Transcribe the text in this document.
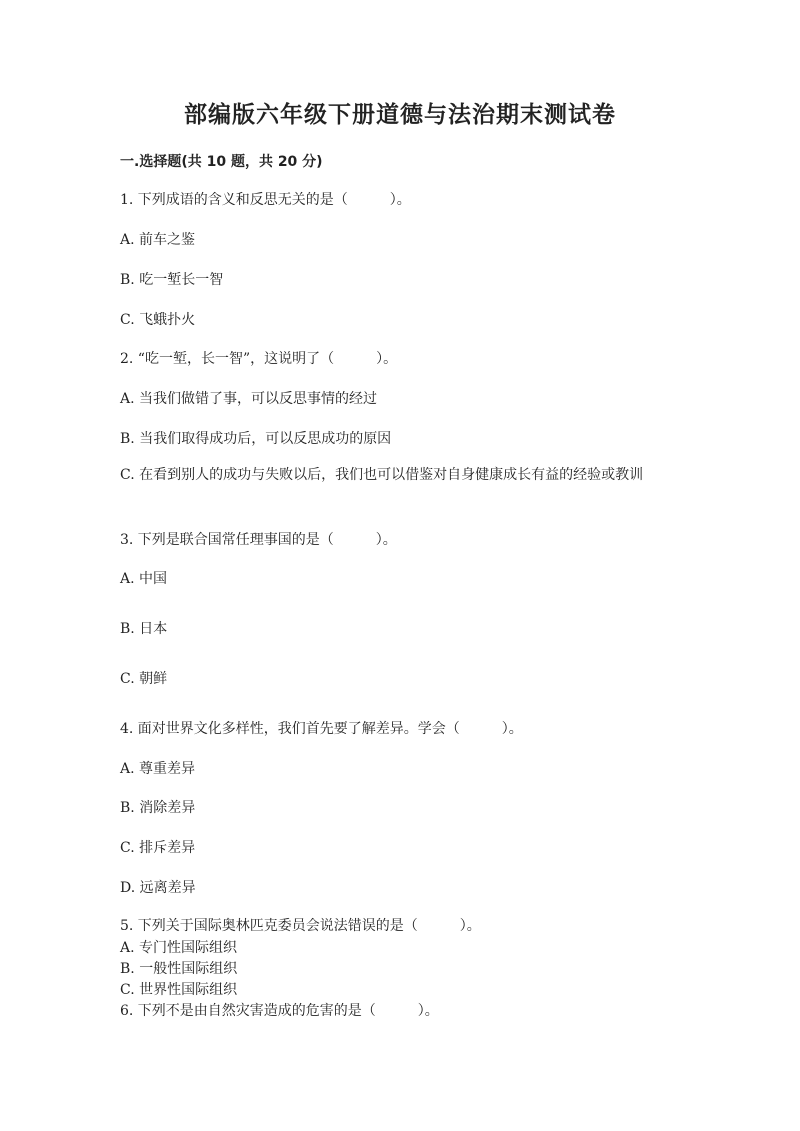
部编版六年级下册道德与法治期末测试卷
一.选择题(共 10 题，共 20 分)
1. 下列成语的含义和反思无关的是（　　　）。
A. 前车之鉴
B. 吃一堑长一智
C. 飞蛾扑火
2. “吃一堑，长一智”，这说明了（　　　）。
A. 当我们做错了事，可以反思事情的经过
B. 当我们取得成功后，可以反思成功的原因
C. 在看到别人的成功与失败以后，我们也可以借鉴对自身健康成长有益的经验或教训
3. 下列是联合国常任理事国的是（　　　）。
A. 中国
B. 日本
C. 朝鲜
4. 面对世界文化多样性，我们首先要了解差异。学会（　　　）。
A. 尊重差异
B. 消除差异
C. 排斥差异
D. 远离差异
5. 下列关于国际奥林匹克委员会说法错误的是（　　　）。
A. 专门性国际组织
B. 一般性国际组织
C. 世界性国际组织
6. 下列不是由自然灾害造成的危害的是（　　　）。
